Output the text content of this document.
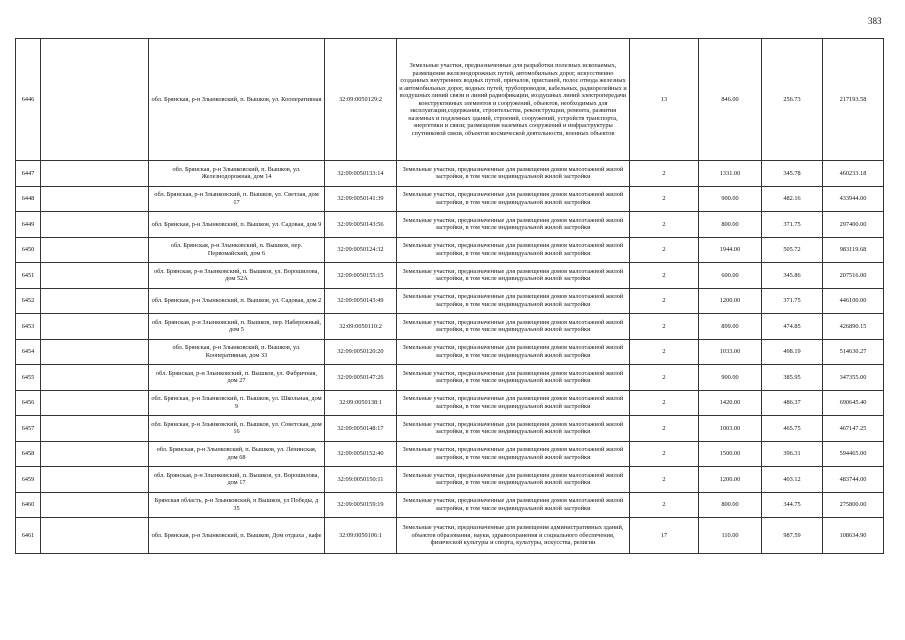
383
6446		обл. Брянская, р-н Злынковский, п. Вышков, ул. Кооперативная	32:09:0050129:2	Земельные участки, предназначенные для разработки полезных ископаемых, размещения железнодорожных путей, автомобильных дорог, искусственно созданных внутренних водных путей, причалов, пристаней, полос отвода железных и автомобильных дорог, водных путей, трубопроводов, кабельных, радиорелейных и воздушных линий связи и линий радиофикации, воздушных линий электропередачи конструктивных элементов и сооружений, объектов, необходимых для эксплуатации,содержания, строительства, реконструкции, ремонта, развития наземных и подземных зданий, строений, сооружений, устройств транспорта, энергетики и связи; размещения наземных сооружений и инфраструктуры спутниковой связи, объектов космической деятельности, военных объектов	13	846.00	256.73	217193.58
6447		обл. Брянская, р-н Злынковский, п. Вышков, ул. Железнодорожная, дом 14	32:09:0050133:14	Земельные участки, предназначенные для размещения домов малоэтажной жилой застройки, в том числе индивидуальной жилой застройки	2	1331.00	345.78	460233.18
6448		обл. Брянская, р-н Злынковский, п. Вышков, ул. Светлая, дом 17	32:09:0050141:39	Земельные участки, предназначенные для размещения домов малоэтажной жилой застройки, в том числе индивидуальной жилой застройки	2	900.00	482.16	433944.00
6449		обл. Брянская, р-н Злынковский, п. Вышков, ул. Садовая, дом 9	32:09:0050143:56	Земельные участки, предназначенные для размещения домов малоэтажной жилой застройки, в том числе индивидуальной жилой застройки	2	800.00	371.75	297400.00
6450		обл. Брянская, р-н Злынковский, п. Вышков, пер. Первомайский, дом 6	32:09:0050124:32	Земельные участки, предназначенные для размещения домов малоэтажной жилой застройки, в том числе индивидуальной жилой застройки	2	1944.00	505.72	983119.68
6451		обл. Брянская, р-н Злынковский, п. Вышков, ул. Ворошилова, дом 52А	32:09:0050155:15	Земельные участки, предназначенные для размещения домов малоэтажной жилой застройки, в том числе индивидуальной жилой застройки	2	600.00	345.86	207516.00
6452		обл. Брянская, р-н Злынковский, п. Вышков, ул. Садовая, дом 2	32:09:0050143:49	Земельные участки, предназначенные для размещения домов малоэтажной жилой застройки, в том числе индивидуальной жилой застройки	2	1200.00	371.75	446100.00
6453		обл. Брянская, р-н Злынковский, п. Вышков, пер. Набережный, дом 5	32:09:0050110:2	Земельные участки, предназначенные для размещения домов малоэтажной жилой застройки, в том числе индивидуальной жилой застройки	2	899.00	474.85	426890.15
6454		обл. Брянская, р-н Злынковский, п. Вышков, ул. Кооперативная, дом 33	32:09:0050120:20	Земельные участки, предназначенные для размещения домов малоэтажной жилой застройки, в том числе индивидуальной жилой застройки	2	1033.00	498.19	514630.27
6455		обл. Брянская, р-н Злынковский, п. Вышков, ул. Фабричная, дом 27	32:09:0050147:26	Земельные участки, предназначенные для размещения домов малоэтажной жилой застройки, в том числе индивидуальной жилой застройки	2	900.00	385.95	347355.00
6456		обл. Брянская, р-н Злынковский, п. Вышков, ул. Школьная, дом 9	32:09:0050138:1	Земельные участки, предназначенные для размещения домов малоэтажной жилой застройки, в том числе индивидуальной жилой застройки	2	1420.00	486.37	690645.40
6457		обл. Брянская, р-н Злынковский, п. Вышков, ул. Советская, дом 16	32:09:0050148:17	Земельные участки, предназначенные для размещения домов малоэтажной жилой застройки, в том числе индивидуальной жилой застройки	2	1003.00	465.75	467147.25
6458		обл. Брянская, р-н Злынковский, п. Вышков, ул. Ленинская, дом 68	32:09:0050152:40	Земельные участки, предназначенные для размещения домов малоэтажной жилой застройки, в том числе индивидуальной жилой застройки	2	1500.00	396.31	594465.00
6459		обл. Брянская, р-н Злынковский, п. Вышков, ул. Ворошилова, дом 17	32:09:0050150:11	Земельные участки, предназначенные для размещения домов малоэтажной жилой застройки, в том числе индивидуальной жилой застройки	2	1200.00	403.12	483744.00
6460		Брянская область, р-н Злынковский, п Вышков, ул Победы, д 35	32:09:0050159:19	Земельные участки, предназначенные для размещения домов малоэтажной жилой застройки, в том числе индивидуальной жилой застройки	2	800.00	344.75	275800.00
6461		обл. Брянская, р-н Злынковский, п. Вышков, Дом отдыха , кафе	32:09:0050106:1	Земельные участки, предназначенные для размещения административных зданий, объектов образования, науки, здравоохранения и социального обеспечения, физической культуры и спорта, культуры, искусства, религии	17	110.00	987.59	108634.90
